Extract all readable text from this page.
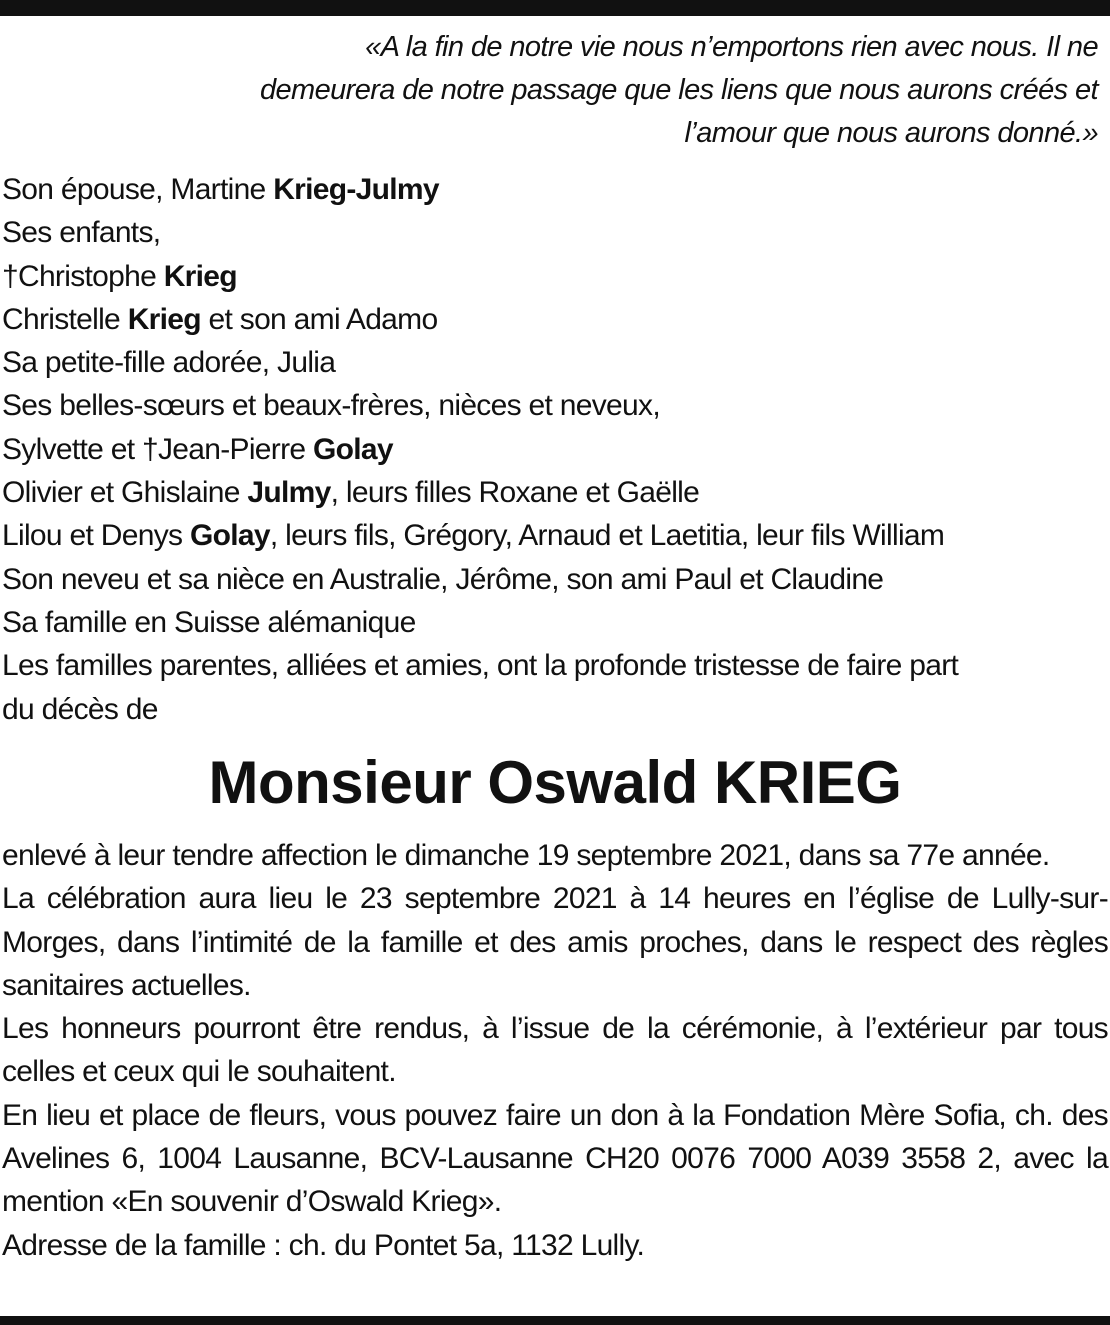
«A la fin de notre vie nous n’emportons rien avec nous. Il ne demeurera de notre passage que les liens que nous aurons créés et l’amour que nous aurons donné.»
Son épouse, Martine Krieg-Julmy
Ses enfants,
†Christophe Krieg
Christelle Krieg et son ami Adamo
Sa petite-fille adorée, Julia
Ses belles-sœurs et beaux-frères, nièces et neveux,
Sylvette et †Jean-Pierre Golay
Olivier et Ghislaine Julmy, leurs filles Roxane et Gaëlle
Lilou et Denys Golay, leurs fils, Grégory, Arnaud et Laetitia, leur fils William
Son neveu et sa nièce en Australie, Jérôme, son ami Paul et Claudine
Sa famille en Suisse alémanique
Les familles parentes, alliées et amies, ont la profonde tristesse de faire part
du décès de
Monsieur Oswald KRIEG

enlevé à leur tendre affection le dimanche 19 septembre 2021, dans sa 77e année.

La célébration aura lieu le 23 septembre 2021 à 14 heures en l’église de Lully-sur-Morges, dans l’intimité de la famille et des amis proches, dans le respect des règles sanitaires actuelles.

Les honneurs pourront être rendus, à l’issue de la cérémonie, à l’extérieur par tous celles et ceux qui le souhaitent.

En lieu et place de fleurs, vous pouvez faire un don à la Fondation Mère Sofia, ch. des Avelines 6, 1004 Lausanne, BCV-Lausanne CH20 0076 7000 A039 3558 2, avec la mention «En souvenir d’Oswald Krieg».

Adresse de la famille : ch. du Pontet 5a, 1132 Lully.
